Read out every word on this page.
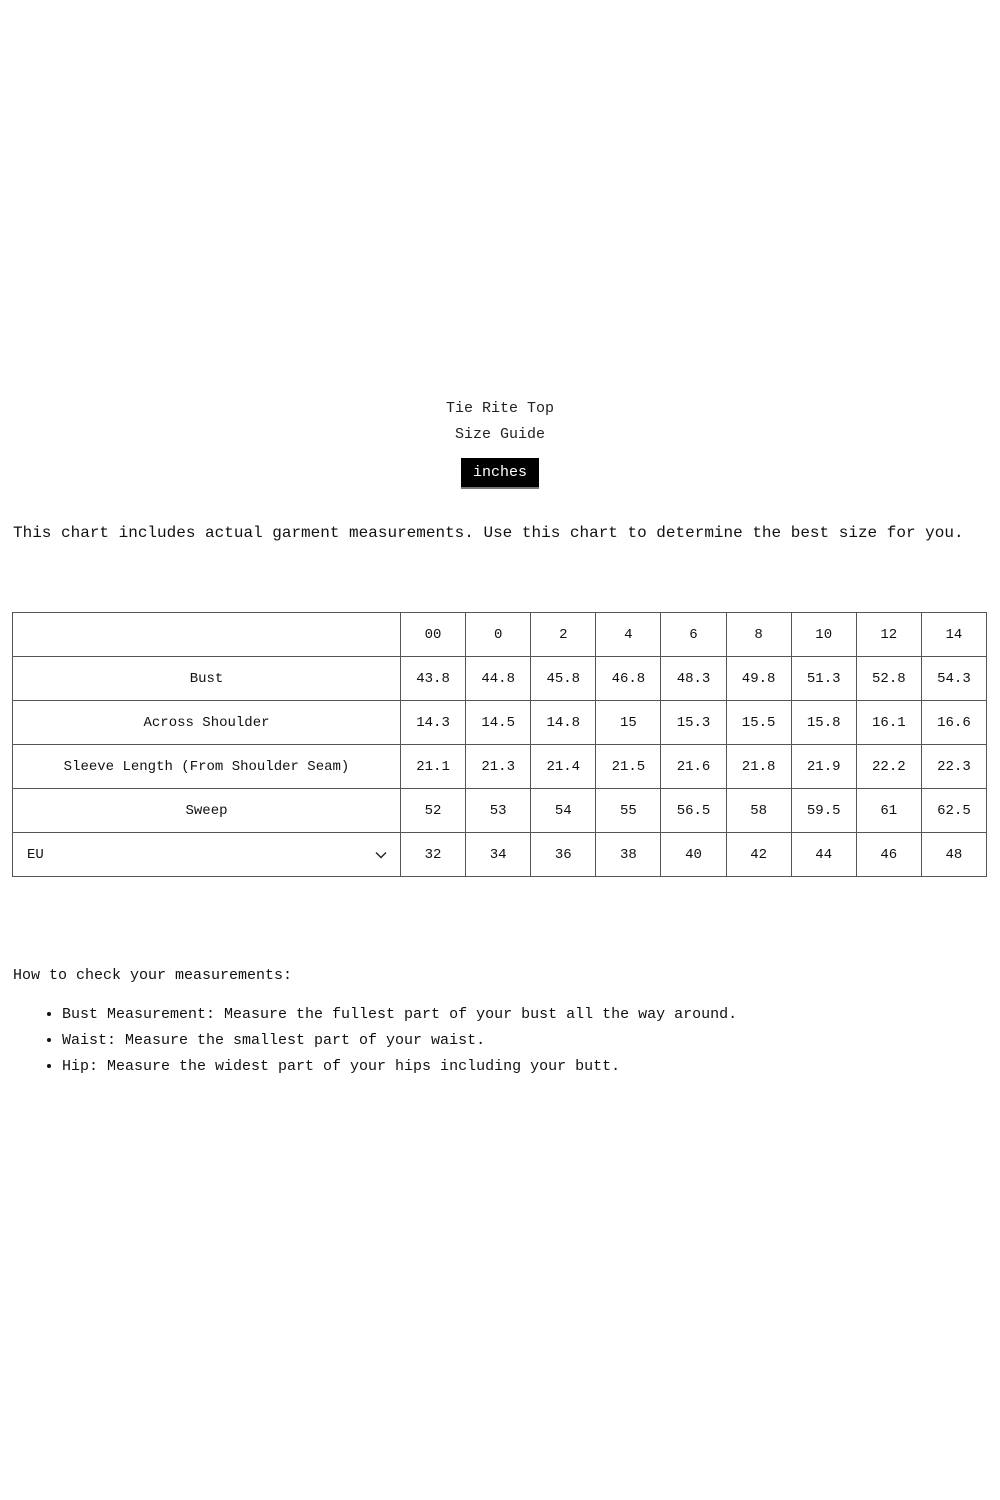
Tie Rite Top
Size Guide
inches
This chart includes actual garment measurements. Use this chart to determine the best size for you.
	00	0	2	4	6	8	10	12	14
Bust	43.8	44.8	45.8	46.8	48.3	49.8	51.3	52.8	54.3
Across Shoulder	14.3	14.5	14.8	15	15.3	15.5	15.8	16.1	16.6
Sleeve Length (From Shoulder Seam)	21.1	21.3	21.4	21.5	21.6	21.8	21.9	22.2	22.3
Sweep	52	53	54	55	56.5	58	59.5	61	62.5

EU	32	34	36	38	40	42	44	46	48
How to check your measurements:
• Bust Measurement: Measure the fullest part of your bust all the way around.
• Waist: Measure the smallest part of your waist.
• Hip: Measure the widest part of your hips including your butt.
